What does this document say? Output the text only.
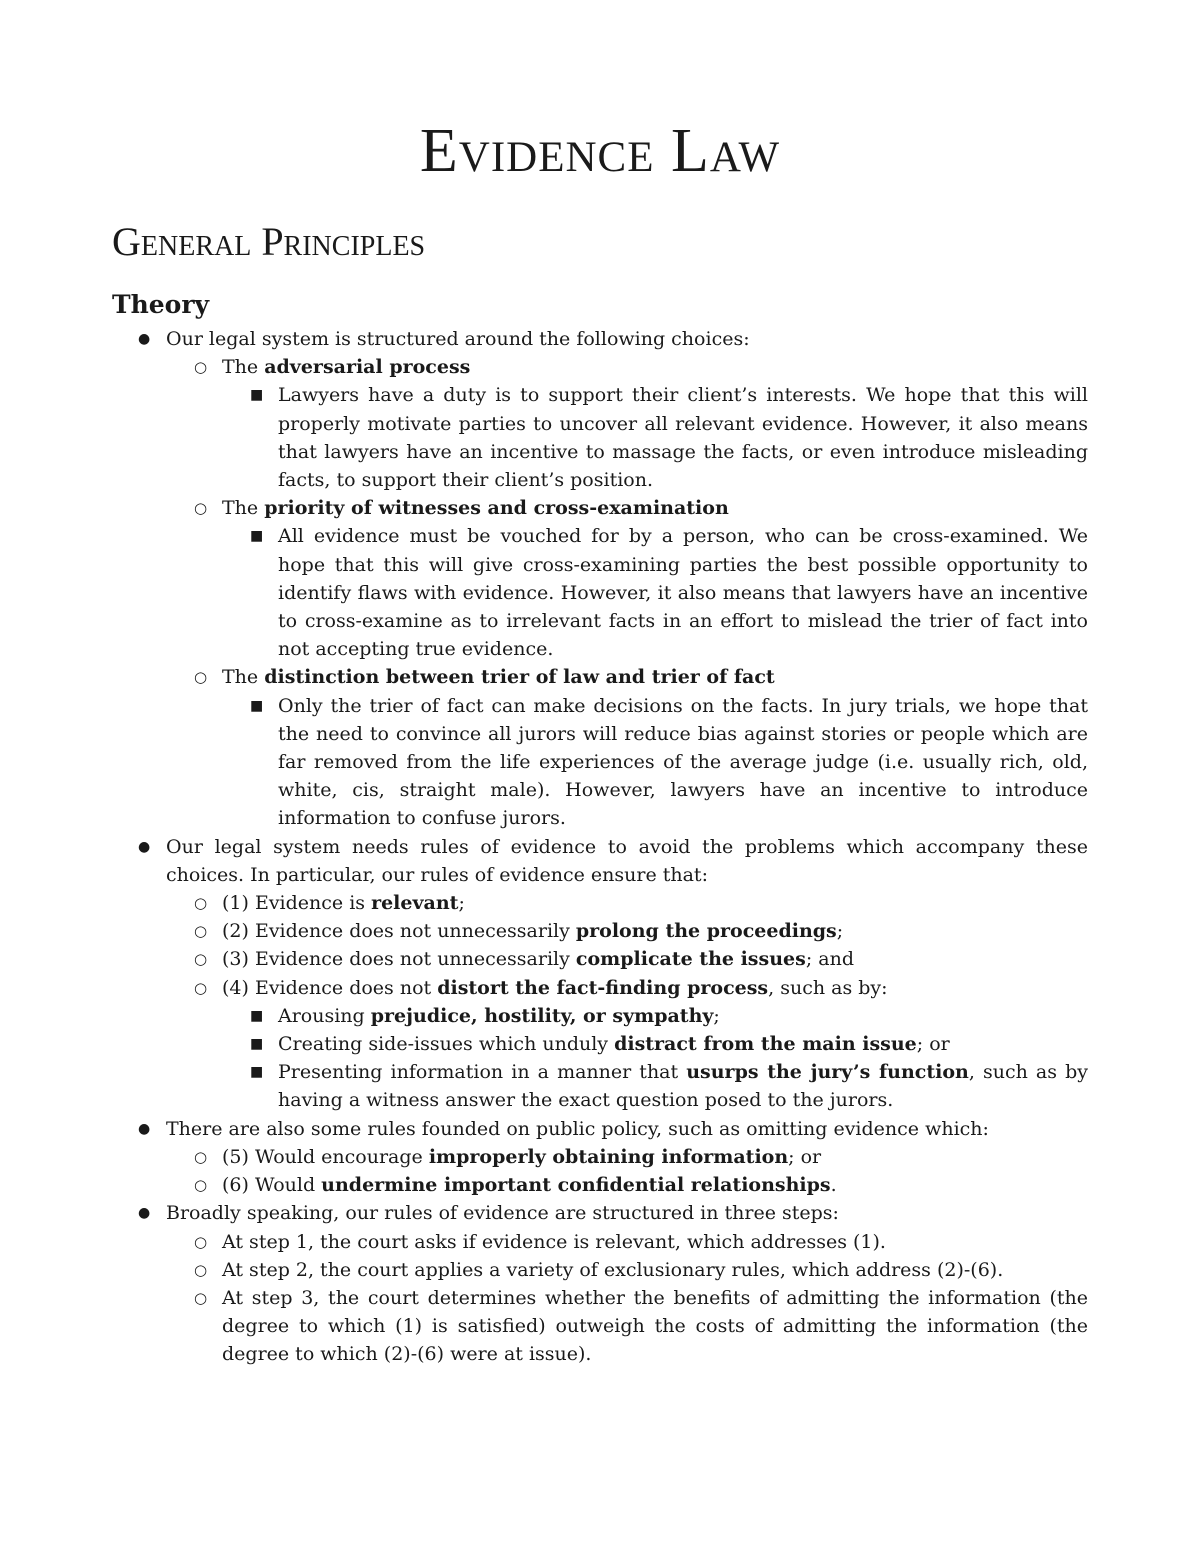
Evidence Law
General Principles
Theory
● Our legal system is structured around the following choices:
○ The adversarial process
■ Lawyers have a duty is to support their client’s interests. We hope that this will properly motivate parties to uncover all relevant evidence. However, it also means that lawyers have an incentive to massage the facts, or even introduce misleading facts, to support their client’s position.
○ The priority of witnesses and cross-examination
■ All evidence must be vouched for by a person, who can be cross-examined. We hope that this will give cross-examining parties the best possible opportunity to identify flaws with evidence. However, it also means that lawyers have an incentive to cross-examine as to irrelevant facts in an effort to mislead the trier of fact into not accepting true evidence.
○ The distinction between trier of law and trier of fact
■ Only the trier of fact can make decisions on the facts. In jury trials, we hope that the need to convince all jurors will reduce bias against stories or people which are far removed from the life experiences of the average judge (i.e. usually rich, old, white, cis, straight male). However, lawyers have an incentive to introduce information to confuse jurors.
● Our legal system needs rules of evidence to avoid the problems which accompany these choices. In particular, our rules of evidence ensure that:
○ (1) Evidence is relevant;
○ (2) Evidence does not unnecessarily prolong the proceedings;
○ (3) Evidence does not unnecessarily complicate the issues; and
○ (4) Evidence does not distort the fact-finding process, such as by:
■ Arousing prejudice, hostility, or sympathy;
■ Creating side-issues which unduly distract from the main issue; or
■ Presenting information in a manner that usurps the jury’s function, such as by having a witness answer the exact question posed to the jurors.
● There are also some rules founded on public policy, such as omitting evidence which:
○ (5) Would encourage improperly obtaining information; or
○ (6) Would undermine important confidential relationships.
● Broadly speaking, our rules of evidence are structured in three steps:
○ At step 1, the court asks if evidence is relevant, which addresses (1).
○ At step 2, the court applies a variety of exclusionary rules, which address (2)-(6).
○ At step 3, the court determines whether the benefits of admitting the information (the degree to which (1) is satisfied) outweigh the costs of admitting the information (the degree to which (2)-(6) were at issue).
